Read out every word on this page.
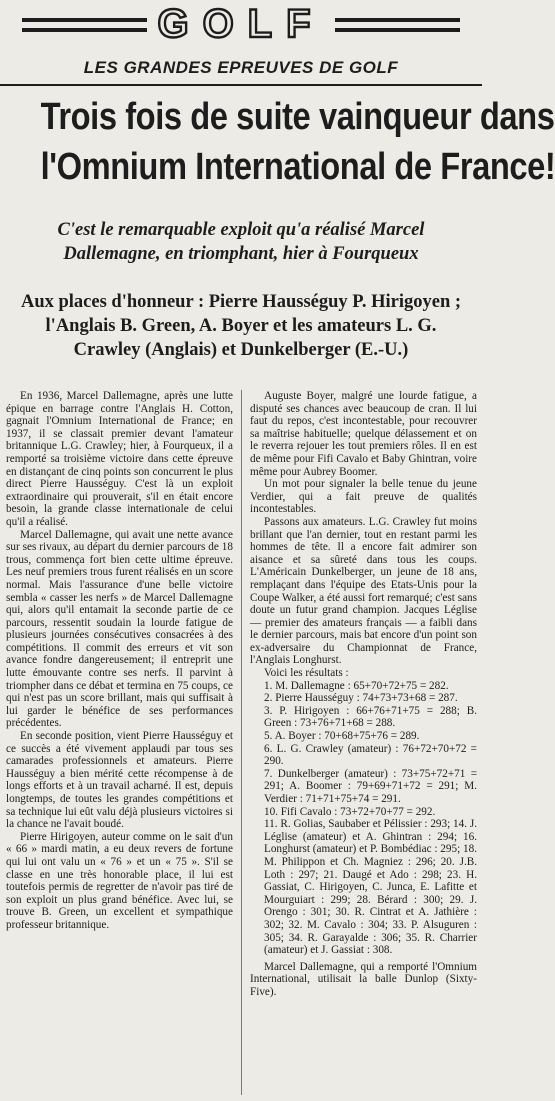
GOLF
LES GRANDES EPREUVES DE GOLF
Trois fois de suite vainqueur dans
l'Omnium International de France!
C'est le remarquable exploit qu'a réalisé Marcel Dallemagne, en triomphant, hier à Fourqueux
Aux places d'honneur : Pierre Hausséguy P. Hirigoyen ; l'Anglais B. Green, A. Boyer et les amateurs L. G. Crawley (Anglais) et Dunkelberger (E.-U.)

En 1936, Marcel Dallemagne, après une lutte épique en barrage contre l'Anglais H. Cotton, gagnait l'Omnium International de France; en 1937, il se classait premier devant l'amateur britannique L.G. Crawley; hier, à Fourqueux, il a remporté sa troisième victoire dans cette épreuve en distançant de cinq points son concurrent le plus direct Pierre Hausséguy. C'est là un exploit extraordinaire qui prouverait, s'il en était encore besoin, la grande classe internationale de celui qu'il a réalisé.

Marcel Dallemagne, qui avait une nette avance sur ses rivaux, au départ du dernier parcours de 18 trous, commença fort bien cette ultime épreuve. Les neuf premiers trous furent réalisés en un score normal. Mais l'assurance d'une belle victoire sembla « casser les nerfs » de Marcel Dallemagne qui, alors qu'il entamait la seconde partie de ce parcours, ressentit soudain la lourde fatigue de plusieurs journées consécutives consacrées à des compétitions. Il commit des erreurs et vit son avance fondre dangereusement; il entreprit une lutte émouvante contre ses nerfs. Il parvint à triompher dans ce débat et termina en 75 coups, ce qui n'est pas un score brillant, mais qui suffisait à lui garder le bénéfice de ses performances précédentes.

En seconde position, vient Pierre Hausséguy et ce succès a été vivement applaudi par tous ses camarades professionnels et amateurs. Pierre Hausséguy a bien mérité cette récompense à de longs efforts et à un travail acharné. Il est, depuis longtemps, de toutes les grandes compétitions et sa technique lui eût valu déjà plusieurs victoires si la chance ne l'avait boudé.

Pierre Hirigoyen, auteur comme on le sait d'un « 66 » mardi matin, a eu deux revers de fortune qui lui ont valu un « 76 » et un « 75 ». S'il se classe en une très honorable place, il lui est toutefois permis de regretter de n'avoir pas tiré de son exploit un plus grand bénéfice. Avec lui, se trouve B. Green, un excellent et sympathique professeur britannique.

Auguste Boyer, malgré une lourde fatigue, a disputé ses chances avec beaucoup de cran. Il lui faut du repos, c'est incontestable, pour recouvrer sa maîtrise habituelle; quelque délassement et on le reverra rejouer les tout premiers rôles. Il en est de même pour Fifi Cavalo et Baby Ghintran, voire même pour Aubrey Boomer.

Un mot pour signaler la belle tenue du jeune Verdier, qui a fait preuve de qualités incontestables.

Passons aux amateurs. L.G. Crawley fut moins brillant que l'an dernier, tout en restant parmi les hommes de tête. Il a encore fait admirer son aisance et sa sûreté dans tous les coups. L'Américain Dunkelberger, un jeune de 18 ans, remplaçant dans l'équipe des Etats-Unis pour la Coupe Walker, a été aussi fort remarqué; c'est sans doute un futur grand champion. Jacques Léglise — premier des amateurs français — a faibli dans le dernier parcours, mais bat encore d'un point son ex-adversaire du Championnat de France, l'Anglais Longhurst.

Voici les résultats :

1. M. Dallemagne : 65+70+72+75 = 282.

2. Pierre Hausséguy : 74+73+73+68 = 287.

3. P. Hirigoyen : 66+76+71+75 = 288; B. Green : 73+76+71+68 = 288.

5. A. Boyer : 70+68+75+76 = 289.

6. L. G. Crawley (amateur) : 76+72+70+72 = 290.

7. Dunkelberger (amateur) : 73+75+72+71 = 291; A. Boomer : 79+69+71+72 = 291; M. Verdier : 71+71+75+74 = 291.

10. Fifi Cavalo : 73+72+70+77 = 292.

11. R. Golias, Saubaber et Pélissier : 293; 14. J. Léglise (amateur) et A. Ghintran : 294; 16. Longhurst (amateur) et P. Bombédiac : 295; 18. M. Philippon et Ch. Magniez : 296; 20. J.B. Loth : 297; 21. Daugé et Ado : 298; 23. H. Gassiat, C. Hirigoyen, C. Junca, E. Lafitte et Mourguiart : 299; 28. Bérard : 300; 29. J. Orengo : 301; 30. R. Cintrat et A. Jathière : 302; 32. M. Cavalo : 304; 33. P. Alsuguren : 305; 34. R. Garayalde : 306; 35. R. Charrier (amateur) et J. Gassiat : 308.

Marcel Dallemagne, qui a remporté l'Omnium International, utilisait la balle Dunlop (Sixty-Five).
